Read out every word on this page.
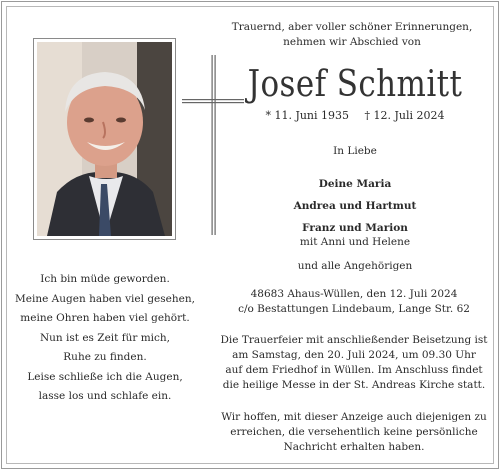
Trauernd, aber voller schöner Erinnerungen,
nehmen wir Abschied von
Josef Schmitt
* 11. Juni 1935 † 12. Juli 2024
In Liebe
Deine Maria
Andrea und Hartmut
Franz und Marion
mit Anni und Helene
und alle Angehörigen
48683 Ahaus-Wüllen, den 12. Juli 2024
c/o Bestattungen Lindebaum, Lange Str. 62
Die Trauerfeier mit anschließender Beisetzung ist
am Samstag, den 20. Juli 2024, um 09.30 Uhr
auf dem Friedhof in Wüllen. Im Anschluss findet
die heilige Messe in der St. Andreas Kirche statt.
Wir hoffen, mit dieser Anzeige auch diejenigen zu
erreichen, die versehentlich keine persönliche
Nachricht erhalten haben.
Ich bin müde geworden.
Meine Augen haben viel gesehen,
meine Ohren haben viel gehört.
Nun ist es Zeit für mich,
Ruhe zu finden.
Leise schließe ich die Augen,
lasse los und schlafe ein.
